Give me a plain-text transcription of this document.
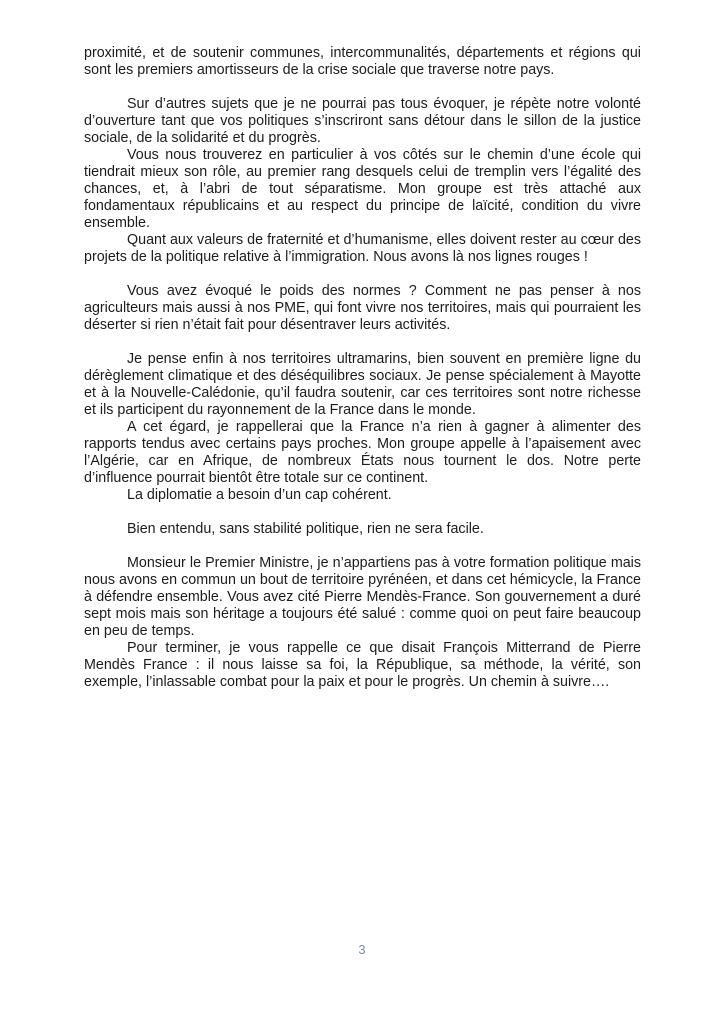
proximité, et de soutenir communes, intercommunalités, départements et régions qui sont les premiers amortisseurs de la crise sociale que traverse notre pays.

Sur d’autres sujets que je ne pourrai pas tous évoquer, je répète notre volonté d’ouverture tant que vos politiques s’inscriront sans détour dans le sillon de la justice sociale, de la solidarité et du progrès.

Vous nous trouverez en particulier à vos côtés sur le chemin d’une école qui tiendrait mieux son rôle, au premier rang desquels celui de tremplin vers l’égalité des chances, et, à l’abri de tout séparatisme. Mon groupe est très attaché aux fondamentaux républicains et au respect du principe de laïcité, condition du vivre ensemble.

Quant aux valeurs de fraternité et d’humanisme, elles doivent rester au cœur des projets de la politique relative à l’immigration. Nous avons là nos lignes rouges !

Vous avez évoqué le poids des normes ? Comment ne pas penser à nos agriculteurs mais aussi à nos PME, qui font vivre nos territoires, mais qui pourraient les déserter si rien n’était fait pour désentraver leurs activités.

Je pense enfin à nos territoires ultramarins, bien souvent en première ligne du dérèglement climatique et des déséquilibres sociaux. Je pense spécialement à Mayotte et à la Nouvelle-Calédonie, qu’il faudra soutenir, car ces territoires sont notre richesse et ils participent du rayonnement de la France dans le monde.

A cet égard, je rappellerai que la France n’a rien à gagner à alimenter des rapports tendus avec certains pays proches. Mon groupe appelle à l’apaisement avec l’Algérie, car en Afrique, de nombreux États nous tournent le dos. Notre perte d’influence pourrait bientôt être totale sur ce continent.

La diplomatie a besoin d’un cap cohérent.

Bien entendu, sans stabilité politique, rien ne sera facile.

Monsieur le Premier Ministre, je n’appartiens pas à votre formation politique mais nous avons en commun un bout de territoire pyrénéen, et dans cet hémicycle, la France à défendre ensemble. Vous avez cité Pierre Mendès-France. Son gouvernement a duré sept mois mais son héritage a toujours été salué : comme quoi on peut faire beaucoup en peu de temps.

Pour terminer, je vous rappelle ce que disait François Mitterrand de Pierre Mendès France : il nous laisse sa foi, la République, sa méthode, la vérité, son exemple, l’inlassable combat pour la paix et pour le progrès. Un chemin à suivre….

3
